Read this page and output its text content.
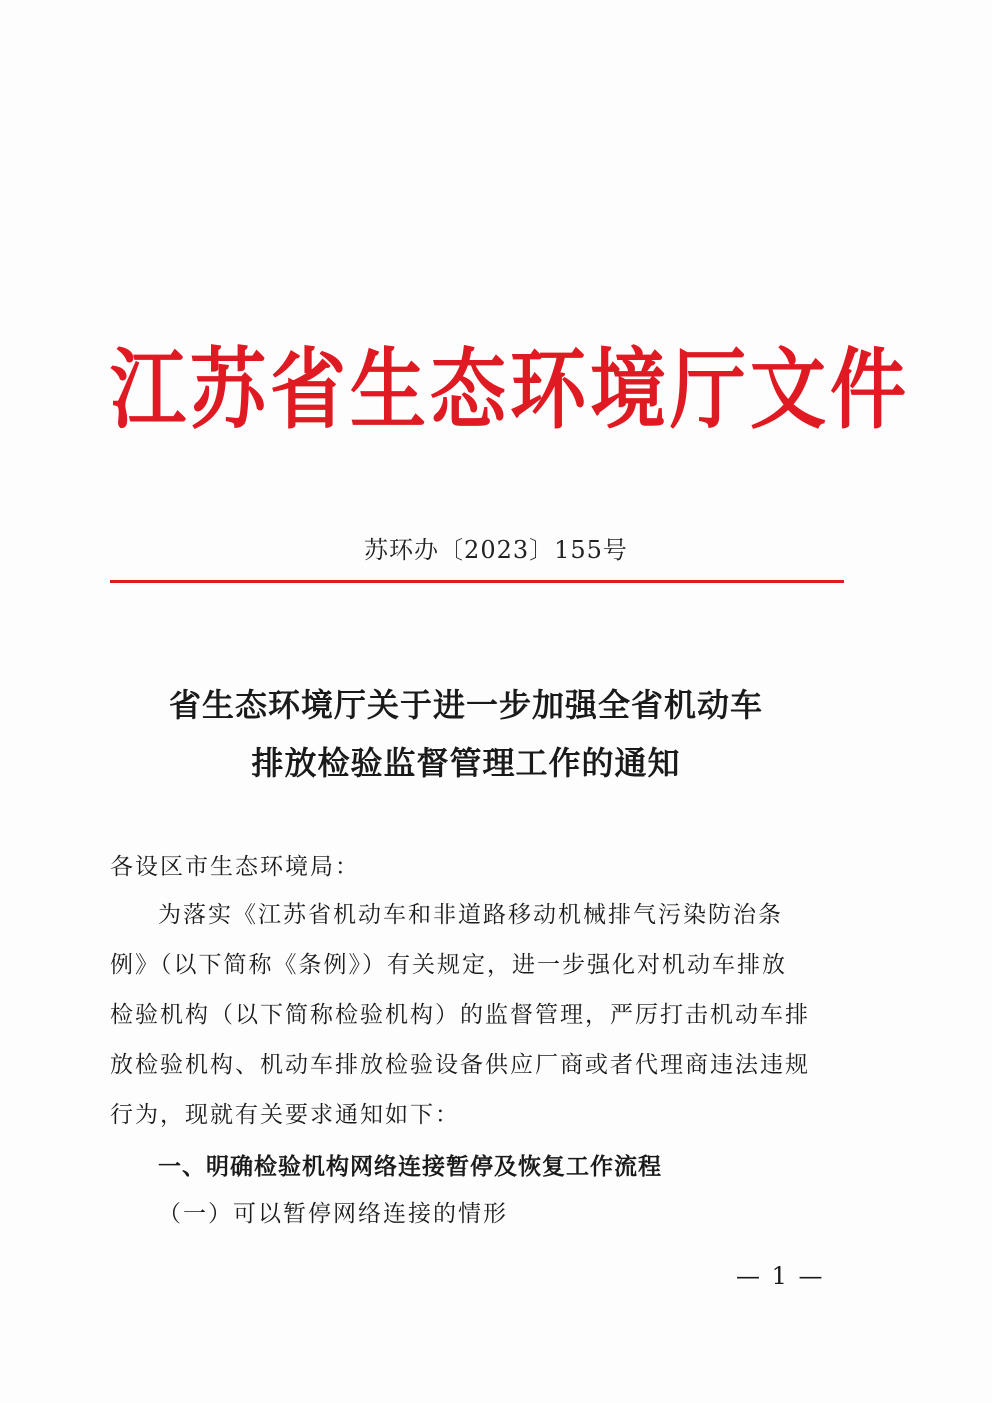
江苏省生态环境厅文件
苏环办〔2023〕155号
省生态环境厅关于进一步加强全省机动车
排放检验监督管理工作的通知
各设区市生态环境局：
为落实《江苏省机动车和非道路移动机械排气污染防治条
例》（以下简称《条例》）有关规定，进一步强化对机动车排放
检验机构（以下简称检验机构）的监督管理，严厉打击机动车排
放检验机构、机动车排放检验设备供应厂商或者代理商违法违规
行为，现就有关要求通知如下：
一、明确检验机构网络连接暂停及恢复工作流程
（一）可以暂停网络连接的情形
— 1 —
